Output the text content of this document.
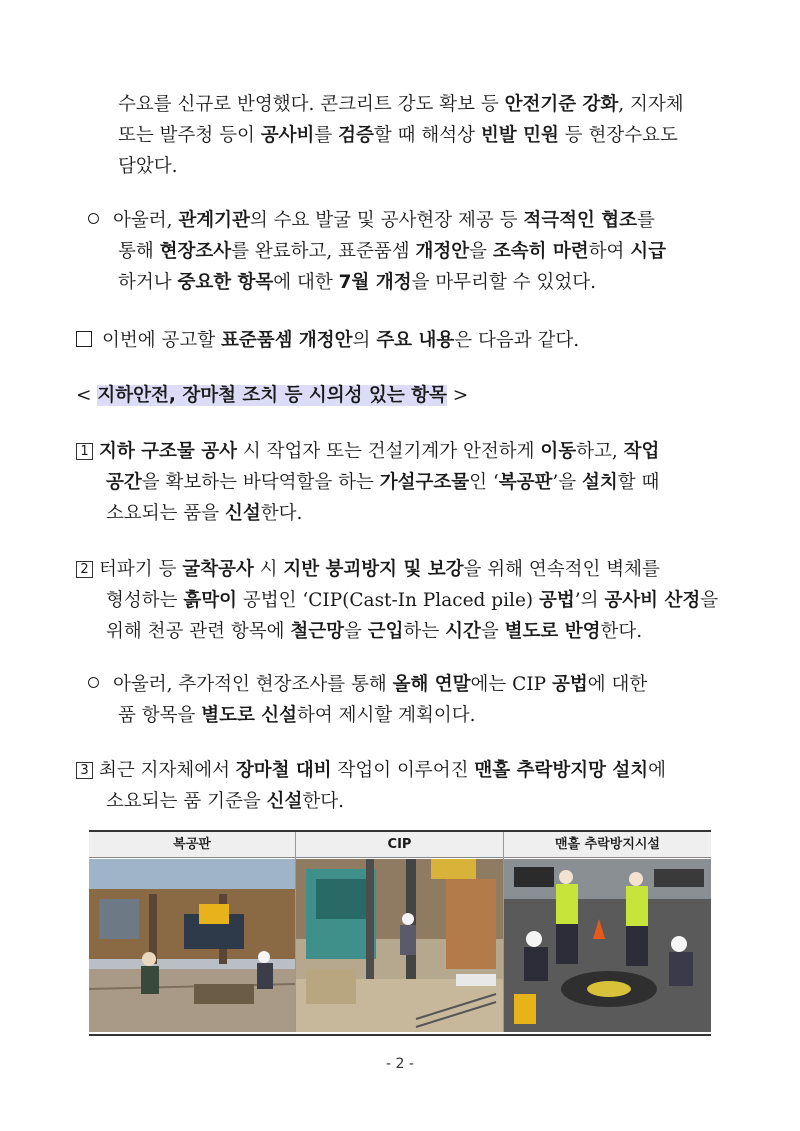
수요를 신규로 반영했다. 콘크리트 강도 확보 등 안전기준 강화, 지자체
또는 발주청 등이 공사비를 검증할 때 해석상 빈발 민원 등 현장수요도
담았다.
아울러, 관계기관의 수요 발굴 및 공사현장 제공 등 적극적인 협조를
통해 현장조사를 완료하고, 표준품셈 개정안을 조속히 마련하여 시급
하거나 중요한 항목에 대한 7월 개정을 마무리할 수 있었다.
이번에 공고할 표준품셈 개정안의 주요 내용은 다음과 같다.
< 지하안전, 장마철 조치 등 시의성 있는 항목 >
1 지하 구조물 공사 시 작업자 또는 건설기계가 안전하게 이동하고, 작업
공간을 확보하는 바닥역할을 하는 가설구조물인 ‘복공판’을 설치할 때
소요되는 품을 신설한다.
2 터파기 등 굴착공사 시 지반 붕괴방지 및 보강을 위해 연속적인 벽체를
형성하는 흙막이 공법인 ‘CIP(Cast-In Placed pile) 공법’의 공사비 산정을
위해 천공 관련 항목에 철근망을 근입하는 시간을 별도로 반영한다.
아울러, 추가적인 현장조사를 통해 올해 연말에는 CIP 공법에 대한
품 항목을 별도로 신설하여 제시할 계획이다.
3 최근 지자체에서 장마철 대비 작업이 이루어진 맨홀 추락방지망 설치에
소요되는 품 기준을 신설한다.
복공판	CIP	맨홀 추락방지시설
- 2 -
